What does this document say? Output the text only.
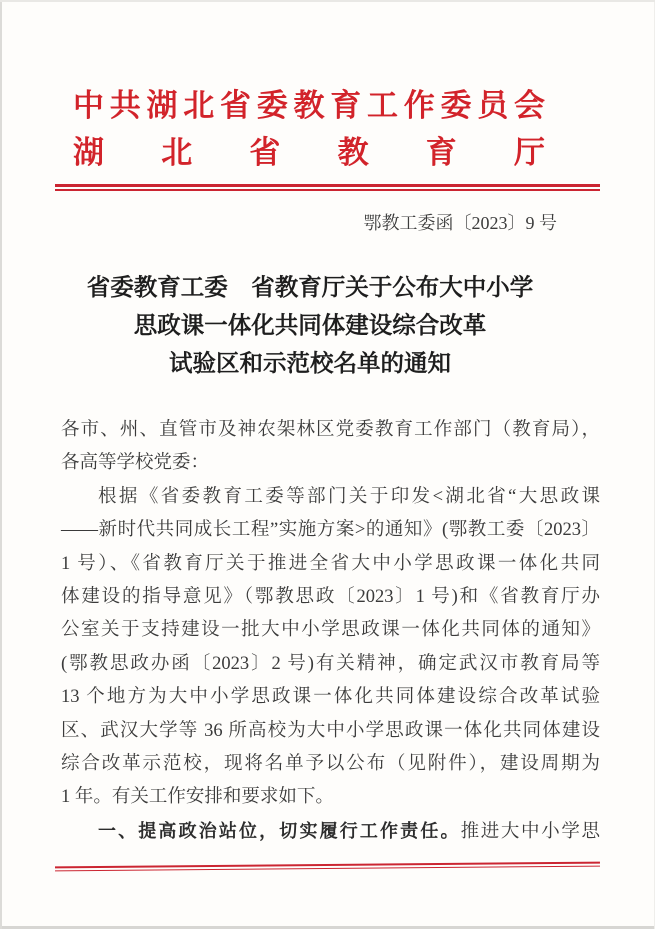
中共湖北省委教育工作委员会
湖北省教育厅
鄂教工委函〔2023〕9 号
省委教育工委　省教育厅关于公布大中小学
思政课一体化共同体建设综合改革
试验区和示范校名单的通知
各市、州、直管市及神农架林区党委教育工作部门（教育局），
各高等学校党委：
根据《省委教育工委等部门关于印发<湖北省“大思政课
——新时代共同成长工程”实施方案>的通知》(鄂教工委〔2023〕
1 号）、《省教育厅关于推进全省大中小学思政课一体化共同
体建设的指导意见》（鄂教思政〔2023〕1 号)和《省教育厅办
公室关于支持建设一批大中小学思政课一体化共同体的通知》
(鄂教思政办函〔2023〕2 号)有关精神，确定武汉市教育局等
13 个地方为大中小学思政课一体化共同体建设综合改革试验
区、武汉大学等 36 所高校为大中小学思政课一体化共同体建设
综合改革示范校，现将名单予以公布（见附件），建设周期为
1 年。有关工作安排和要求如下。
一、提高政治站位，切实履行工作责任。推进大中小学思
